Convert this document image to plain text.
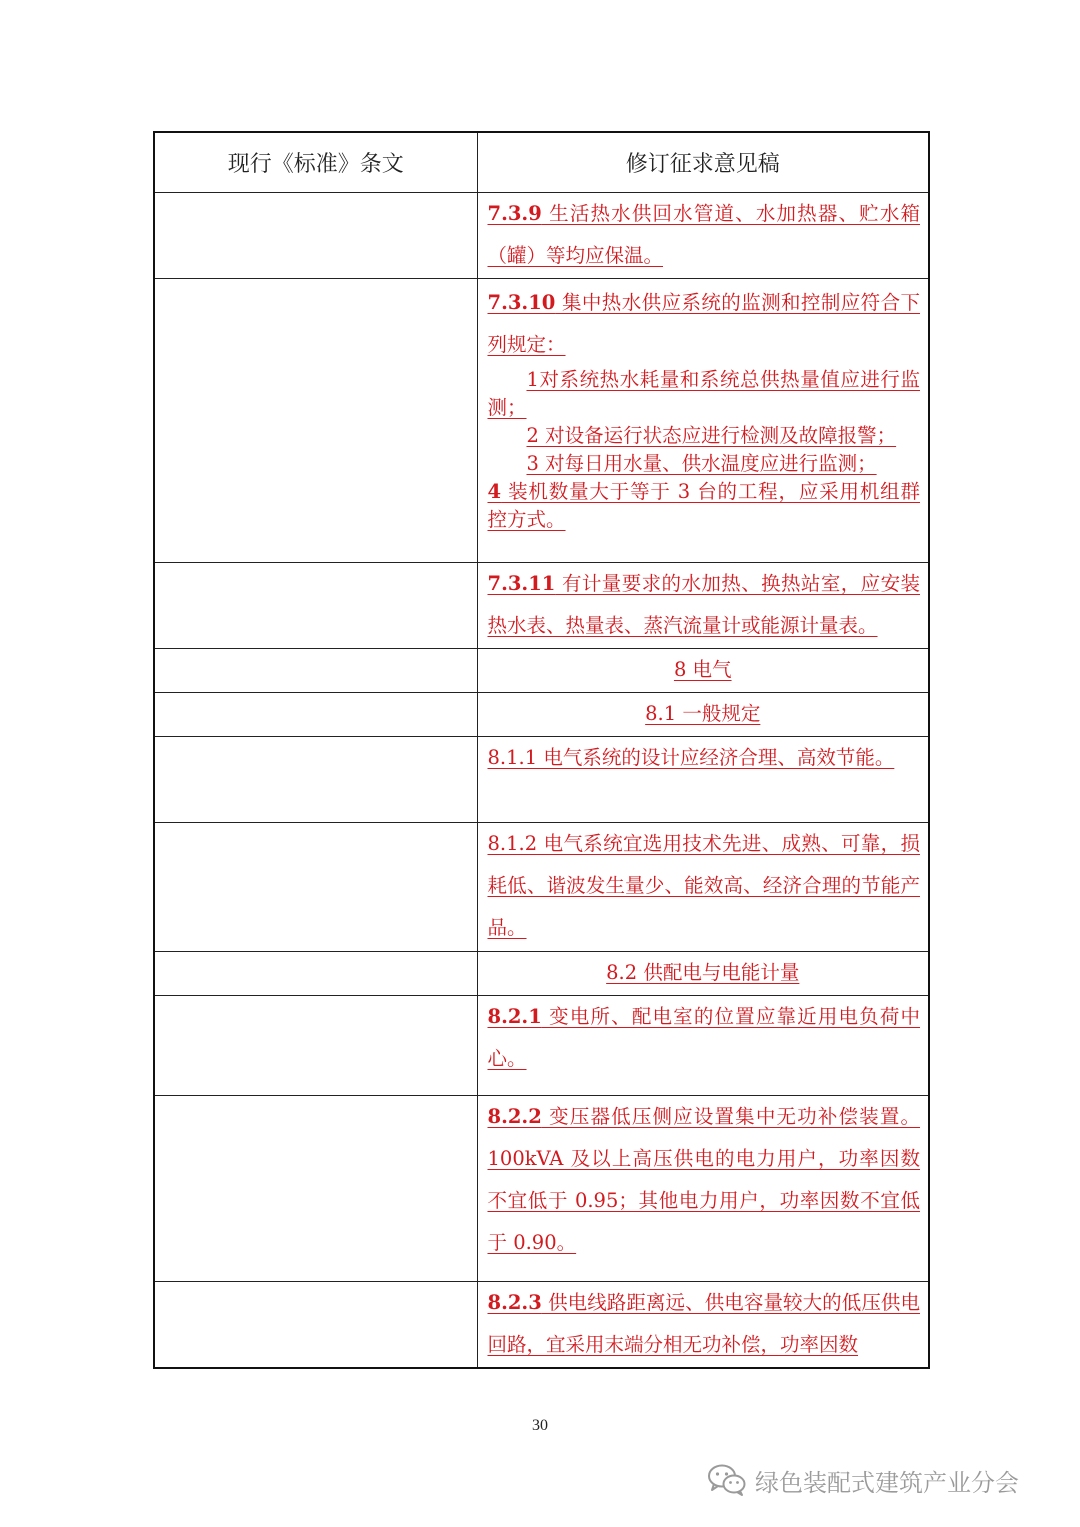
现行《标准》条文	修订征求意见稿

	7.3.9 生活热水供回水管道、水加热器、贮水箱（罐）等均应保温。

	7.3.10 集中热水供应系统的监测和控制应符合下列规定：
1对系统热水耗量和系统总供热量值应进行监测；
2 对设备运行状态应进行检测及故障报警；
3 对每日用水量、供水温度应进行监测；
4 装机数量大于等于 3 台的工程，应采用机组群控方式。

	7.3.11 有计量要求的水加热、换热站室，应安装热水表、热量表、蒸汽流量计或能源计量表。

	8 电气

	8.1 一般规定

	8.1.1 电气系统的设计应经济合理、高效节能。

	8.1.2 电气系统宜选用技术先进、成熟、可靠，损耗低、谐波发生量少、能效高、经济合理的节能产品。

	8.2 供配电与电能计量

	8.2.1 变电所、配电室的位置应靠近用电负荷中心。

	8.2.2 变压器低压侧应设置集中无功补偿装置。100kVA 及以上高压供电的电力用户，功率因数不宜低于 0.95；其他电力用户，功率因数不宜低于 0.90。

	8.2.3 供电线路距离远、供电容量较大的低压供电回路，宜采用末端分相无功补偿，功率因数
30
绿色装配式建筑产业分会
